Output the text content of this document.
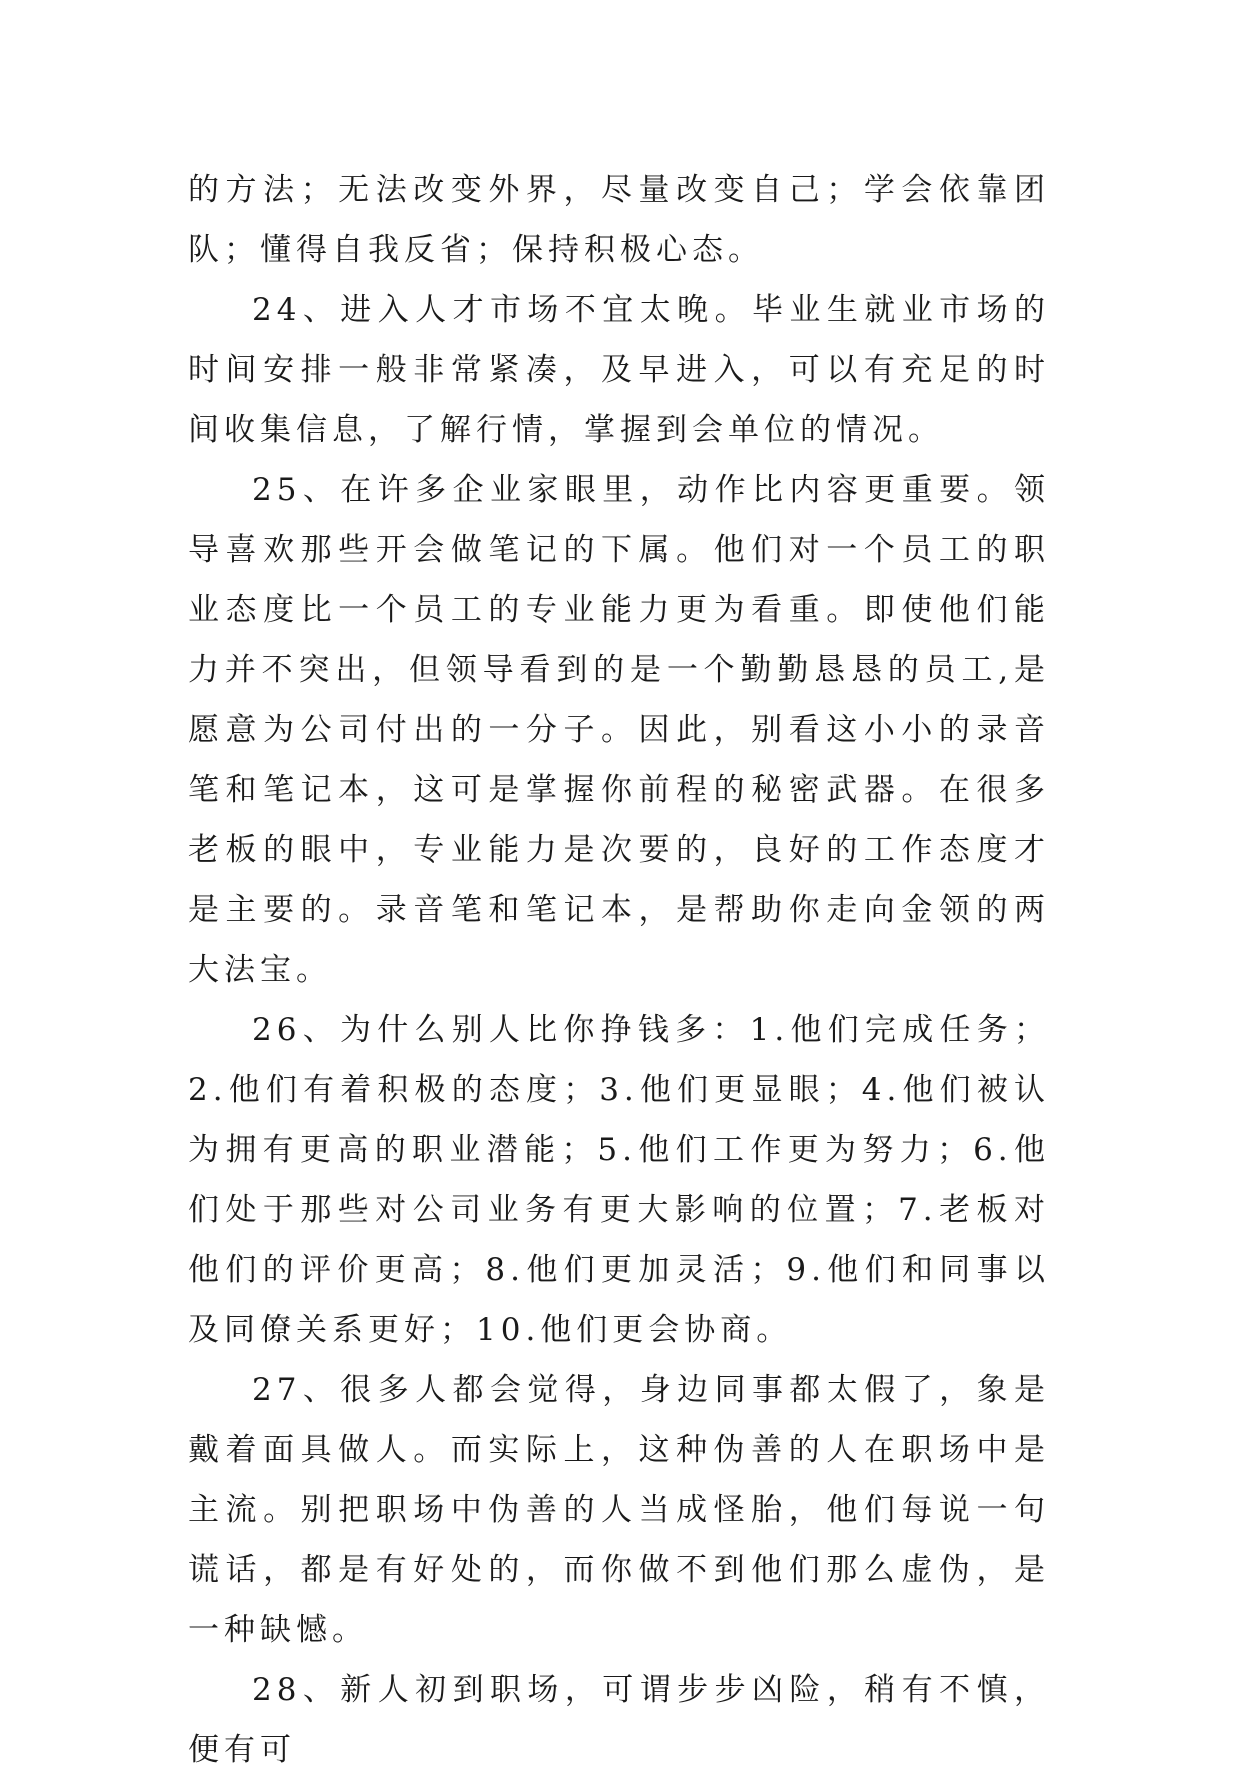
的方法；无法改变外界，尽量改变自己；学会依靠团队；懂得自我反省；保持积极心态。

24、进入人才市场不宜太晚。毕业生就业市场的时间安排一般非常紧凑，及早进入，可以有充足的时间收集信息，了解行情，掌握到会单位的情况。

25、在许多企业家眼里，动作比内容更重要。领导喜欢那些开会做笔记的下属。他们对一个员工的职业态度比一个员工的专业能力更为看重。即使他们能力并不突出，但领导看到的是一个勤勤恳恳的员工,是愿意为公司付出的一分子。因此，别看这小小的录音笔和笔记本，这可是掌握你前程的秘密武器。在很多老板的眼中，专业能力是次要的，良好的工作态度才是主要的。录音笔和笔记本，是帮助你走向金领的两大法宝。

26、为什么别人比你挣钱多：1.他们完成任务；2.他们有着积极的态度；3.他们更显眼；4.他们被认为拥有更高的职业潜能；5.他们工作更为努力；6.他们处于那些对公司业务有更大影响的位置；7.老板对他们的评价更高；8.他们更加灵活；9.他们和同事以及同僚关系更好；10.他们更会协商。

27、很多人都会觉得，身边同事都太假了，象是戴着面具做人。而实际上，这种伪善的人在职场中是主流。别把职场中伪善的人当成怪胎，他们每说一句谎话，都是有好处的，而你做不到他们那么虚伪，是一种缺憾。

28、新人初到职场，可谓步步凶险，稍有不慎，便有可
